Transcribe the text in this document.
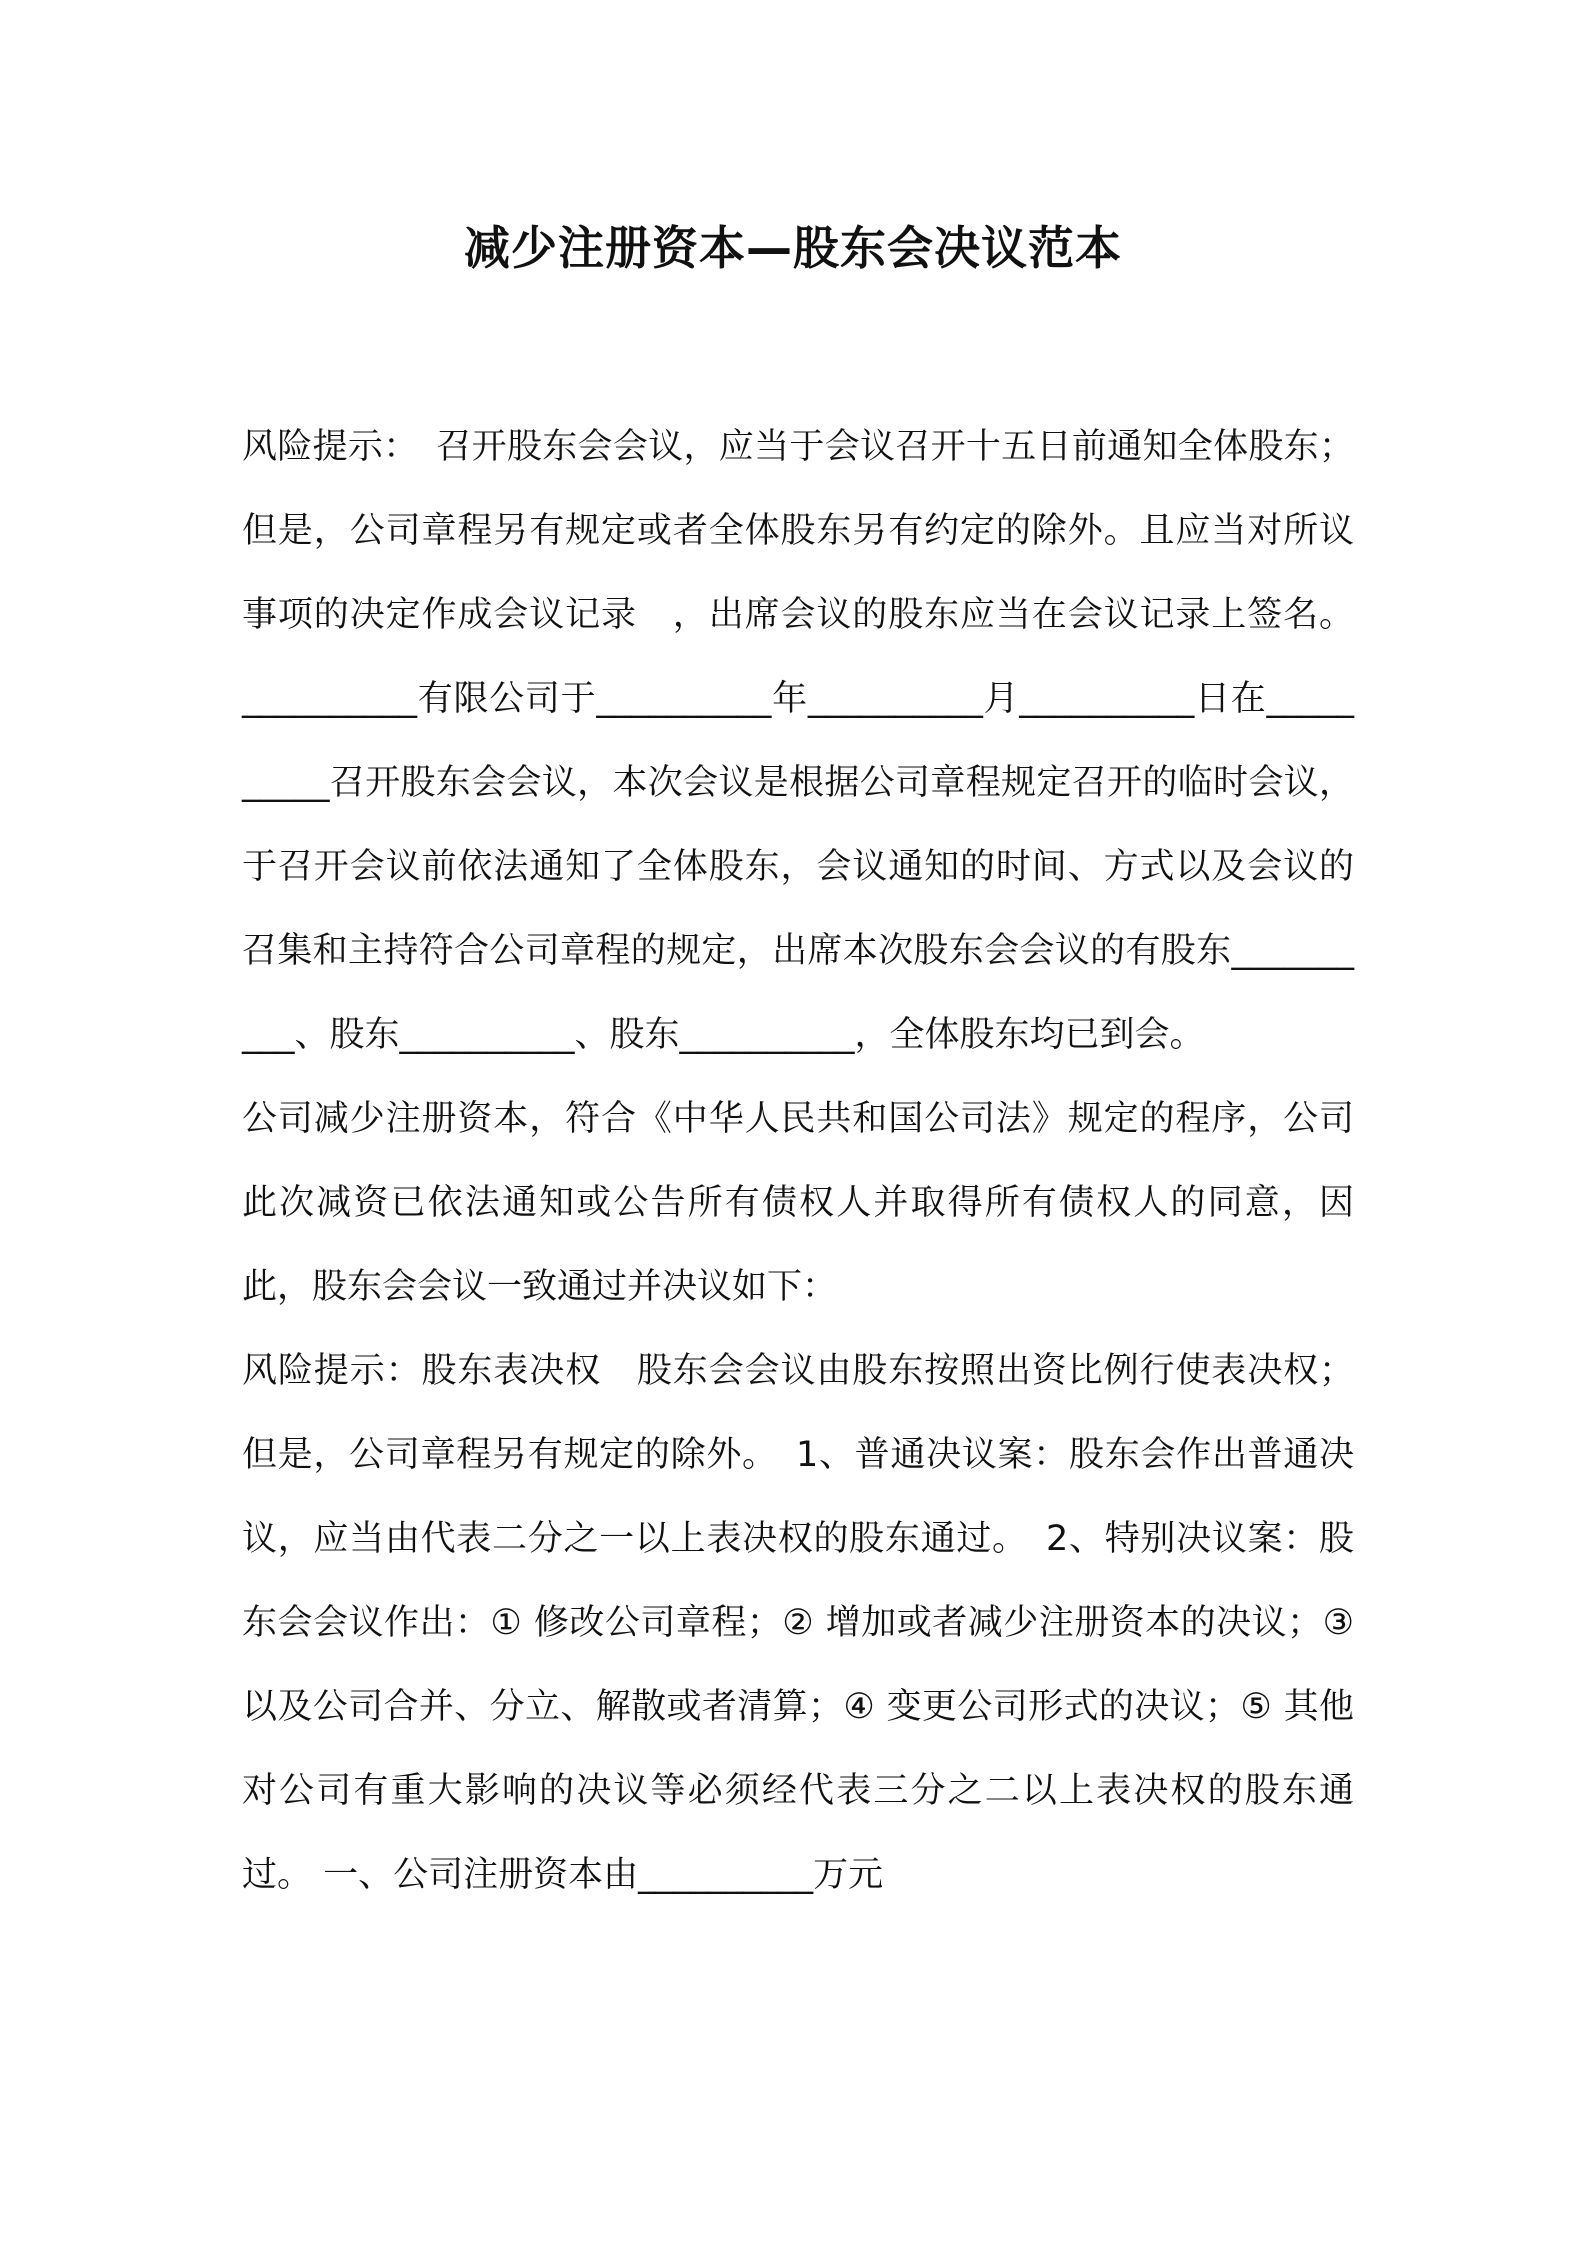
减少注册资本—股东会决议范本

风险提示：　召开股东会会议，应当于会议召开十五日前通知全体股东；但是，公司章程另有规定或者全体股东另有约定的除外。且应当对所议事项的决定作成会议记录　，出席会议的股东应当在会议记录上签名。 __________有限公司于__________年__________月__________日在__________召开股东会会议，本次会议是根据公司章程规定召开的临时会议，于召开会议前依法通知了全体股东，会议通知的时间、方式以及会议的召集和主持符合公司章程的规定，出席本次股东会会议的有股东__________、股东__________、股东__________，全体股东均已到会。

公司减少注册资本，符合《中华人民共和国公司法》规定的程序，公司此次减资已依法通知或公告所有债权人并取得所有债权人的同意，因此，股东会会议一致通过并决议如下：

风险提示：股东表决权　股东会会议由股东按照出资比例行使表决权；但是，公司章程另有规定的除外。　1、普通决议案：股东会作出普通决议，应当由代表二分之一以上表决权的股东通过。　2、特别决议案：股东会会议作出：① 修改公司章程；② 增加或者减少注册资本的决议；③ 以及公司合并、分立、解散或者清算；④ 变更公司形式的决议；⑤ 其他对公司有重大影响的决议等必须经代表三分之二以上表决权的股东通过。 一、公司注册资本由__________万元
